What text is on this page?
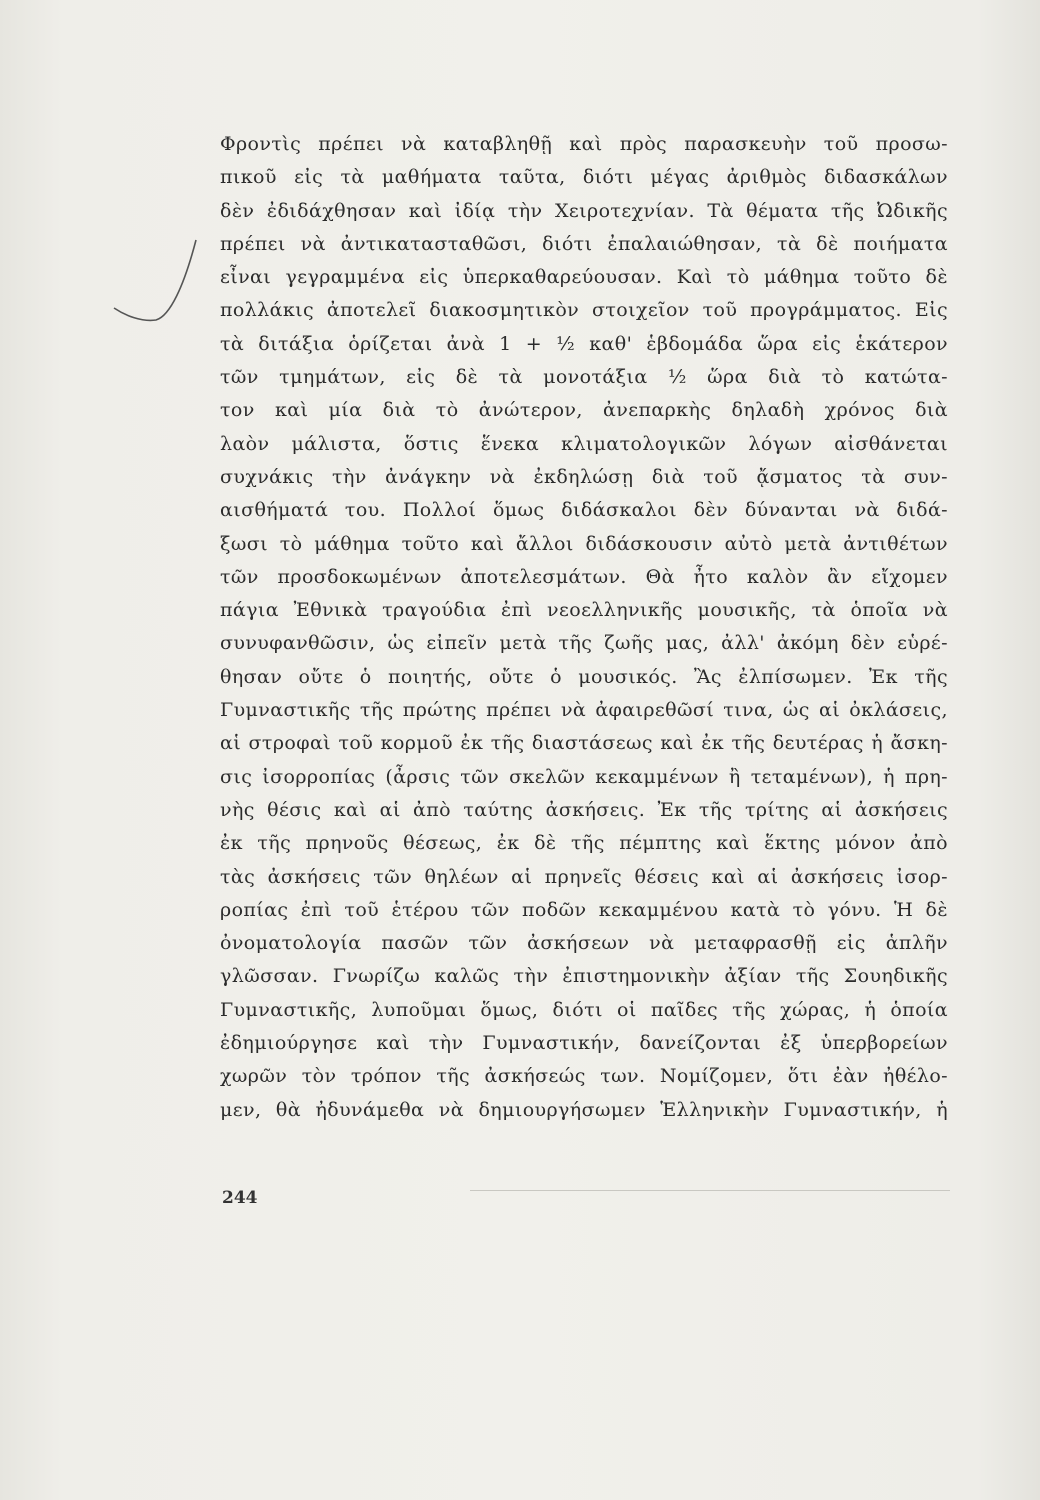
Φροντὶς πρέπει νὰ καταβληθῇ καὶ πρὸς παρασκευὴν τοῦ προσω-
πικοῦ εἰς τὰ μαθήματα ταῦτα, διότι μέγας ἀριθμὸς διδασκάλων
δὲν ἐδιδάχθησαν καὶ ἰδίᾳ τὴν Χειροτεχνίαν. Τὰ θέματα τῆς Ὠδικῆς
πρέπει νὰ ἀντικατασταθῶσι, διότι ἐπαλαιώθησαν, τὰ δὲ ποιήματα
εἶναι γεγραμμένα εἰς ὑπερκαθαρεύουσαν. Καὶ τὸ μάθημα τοῦτο δὲ
πολλάκις ἀποτελεῖ διακοσμητικὸν στοιχεῖον τοῦ προγράμματος. Εἰς
τὰ διτάξια ὁρίζεται ἀνὰ 1 + ½ καθ' ἑβδομάδα ὥρα εἰς ἑκάτερον
τῶν τμημάτων, εἰς δὲ τὰ μονοτάξια ½ ὥρα διὰ τὸ κατώτα-
τον καὶ μία διὰ τὸ ἀνώτερον, ἀνεπαρκὴς δηλαδὴ χρόνος διὰ
λαὸν μάλιστα, ὅστις ἕνεκα κλιματολογικῶν λόγων αἰσθάνεται
συχνάκις τὴν ἀνάγκην νὰ ἐκδηλώσῃ διὰ τοῦ ᾄσματος τὰ συν-
αισθήματά του. Πολλοί ὅμως διδάσκαλοι δὲν δύνανται νὰ διδά-
ξωσι τὸ μάθημα τοῦτο καὶ ἄλλοι διδάσκουσιν αὐτὸ μετὰ ἀντιθέτων
τῶν προσδοκωμένων ἀποτελεσμάτων. Θὰ ἦτο καλὸν ἂν εἴχομεν
πάγια Ἐθνικὰ τραγούδια ἐπὶ νεοελληνικῆς μουσικῆς, τὰ ὁποῖα νὰ
συνυφανθῶσιν, ὡς εἰπεῖν μετὰ τῆς ζωῆς μας, ἀλλ' ἀκόμη δὲν εὑρέ-
θησαν οὔτε ὁ ποιητής, οὔτε ὁ μουσικός. Ἂς ἐλπίσωμεν. Ἐκ τῆς
Γυμναστικῆς τῆς πρώτης πρέπει νὰ ἀφαιρεθῶσί τινα, ὡς αἱ ὀκλάσεις,
αἱ στροφαὶ τοῦ κορμοῦ ἐκ τῆς διαστάσεως καὶ ἐκ τῆς δευτέρας ἡ ἄσκη-
σις ἰσορροπίας (ἆρσις τῶν σκελῶν κεκαμμένων ἢ τεταμένων), ἡ πρη-
νὴς θέσις καὶ αἱ ἀπὸ ταύτης ἀσκήσεις. Ἐκ τῆς τρίτης αἱ ἀσκήσεις
ἐκ τῆς πρηνοῦς θέσεως, ἐκ δὲ τῆς πέμπτης καὶ ἕκτης μόνον ἀπὸ
τὰς ἀσκήσεις τῶν θηλέων αἱ πρηνεῖς θέσεις καὶ αἱ ἀσκήσεις ἰσορ-
ροπίας ἐπὶ τοῦ ἑτέρου τῶν ποδῶν κεκαμμένου κατὰ τὸ γόνυ. Ἡ δὲ
ὀνοματολογία πασῶν τῶν ἀσκήσεων νὰ μεταφρασθῇ εἰς ἁπλῆν
γλῶσσαν. Γνωρίζω καλῶς τὴν ἐπιστημονικὴν ἀξίαν τῆς Σουηδικῆς
Γυμναστικῆς, λυποῦμαι ὅμως, διότι οἱ παῖδες τῆς χώρας, ἡ ὁποία
ἐδημιούργησε καὶ τὴν Γυμναστικήν, δανείζονται ἐξ ὑπερβορείων
χωρῶν τὸν τρόπον τῆς ἀσκήσεώς των. Νομίζομεν, ὅτι ἐὰν ἠθέλο-
μεν, θὰ ἠδυνάμεθα νὰ δημιουργήσωμεν Ἑλληνικὴν Γυμναστικήν, ἡ
244
